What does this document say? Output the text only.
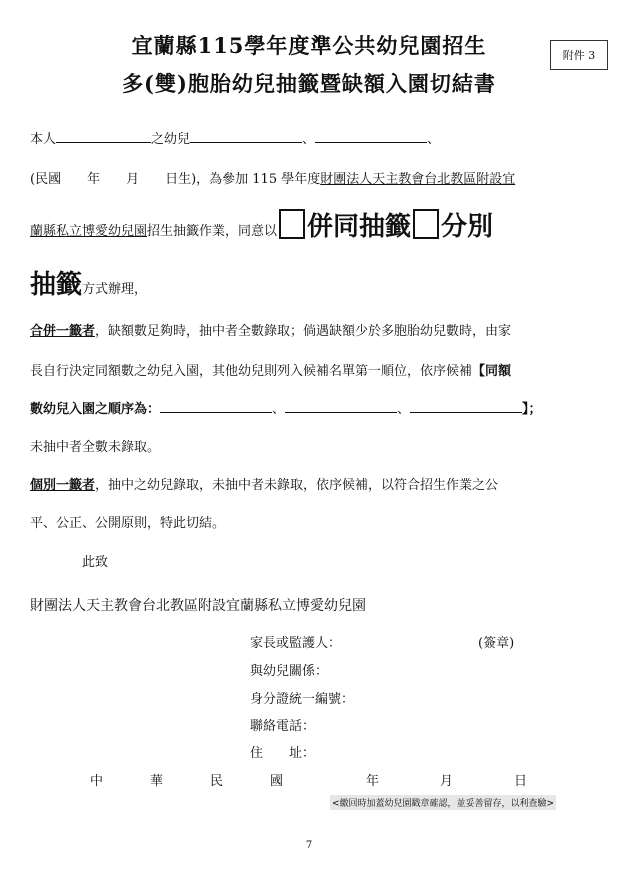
宜蘭縣115學年度準公共幼兒園招生
多(雙)胞胎幼兒抽籤暨缺額入園切結書
附件 3
本人	之幼兒	、	、
(民國　　年　　月　　日生)，為參加 115 學年度財團法人天主教會台北教區附設宜
蘭縣私立博愛幼兒園招生抽籤作業，同意以 併同抽籤 分別
抽籤方式辦理，
合併一籤者，缺額數足夠時，抽中者全數錄取；倘遇缺額少於多胞胎幼兒數時，由家
長自行決定同額數之幼兒入園，其他幼兒則列入候補名單第一順位，依序候補【同額
數幼兒入園之順序為：	、	、	】；
未抽中者全數未錄取。
個別一籤者，抽中之幼兒錄取，未抽中者未錄取，依序候補，以符合招生作業之公
平、公正、公開原則，特此切結。
此致
財團法人天主教會台北教區附設宜蘭縣私立博愛幼兒園
家長或監護人：	(簽章)
與幼兒關係：
身分證統一編號：
聯絡電話：
住　　址：
中	華	民	國	年	月	日
<繳回時加蓋幼兒園戳章確認，並妥善留存，以利查驗>
7
